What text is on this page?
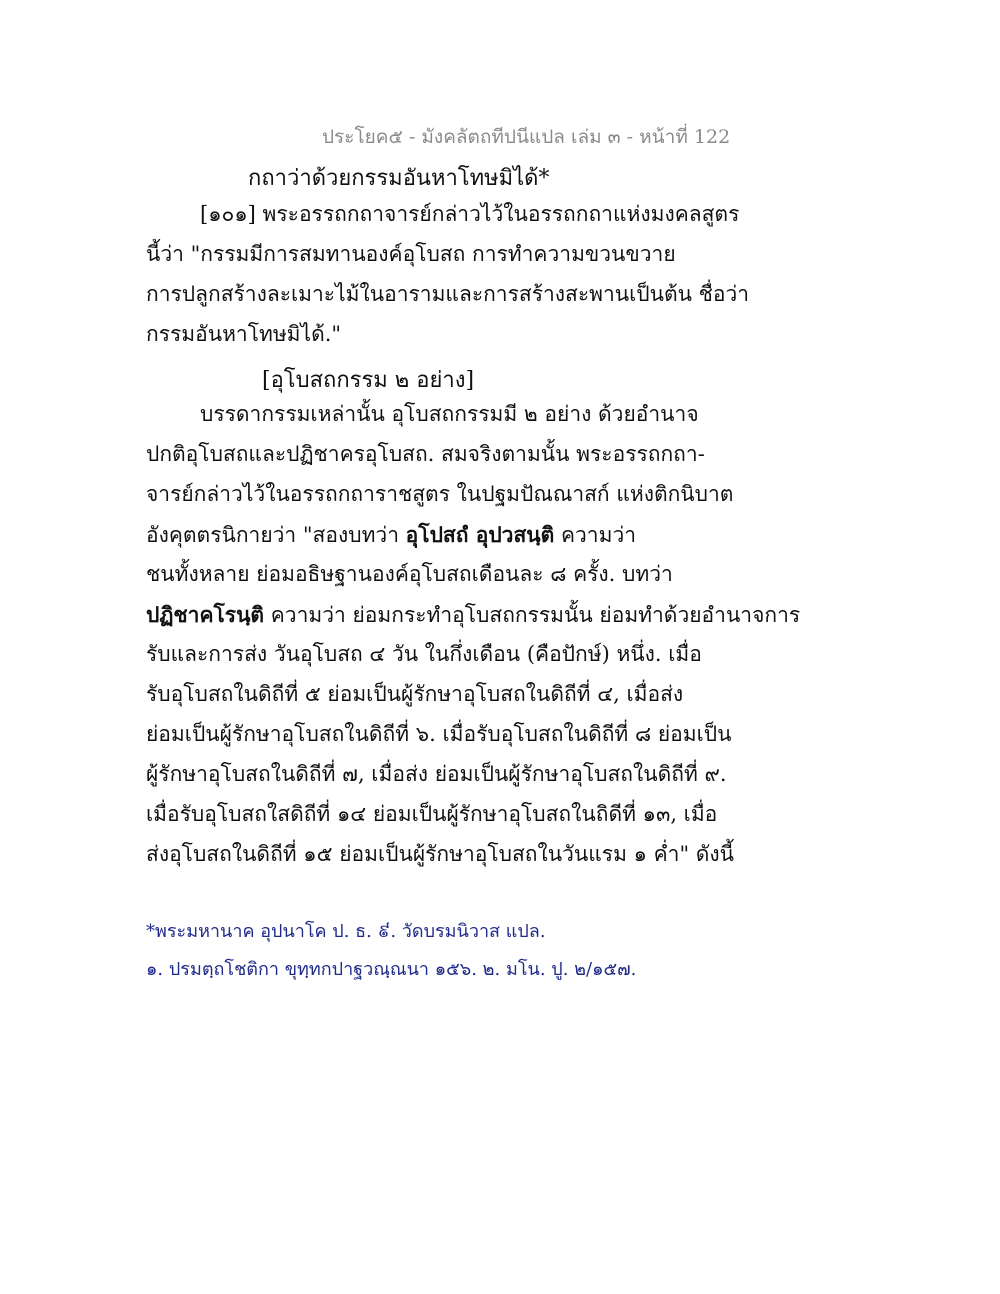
ประโยค๕ - มังคลัตถทีปนีแปล เล่ม ๓ - หน้าที่ 122
กถาว่าด้วยกรรมอันหาโทษมิได้*
[๑๐๑] พระอรรถกถาจารย์กล่าวไว้ในอรรถกถาแห่งมงคลสูตร
นี้ว่า "กรรมมีการสมทานองค์อุโบสถ การทำความขวนขวาย
การปลูกสร้างละเมาะไม้ในอารามและการสร้างสะพานเป็นต้น ชื่อว่า
กรรมอันหาโทษมิได้."
[อุโบสถกรรม ๒ อย่าง]
บรรดากรรมเหล่านั้น อุโบสถกรรมมี ๒ อย่าง ด้วยอำนาจ
ปกติอุโบสถและปฏิชาครอุโบสถ. สมจริงตามนั้น พระอรรถกถา-
จารย์กล่าวไว้ในอรรถกถาราชสูตร ในปฐมปัณณาสก์ แห่งติกนิบาต
อังคุตตรนิกายว่า "สองบทว่า อุโปสถํ อุปวสนฺติ ความว่า
ชนทั้งหลาย ย่อมอธิษฐานองค์อุโบสถเดือนละ ๘ ครั้ง. บทว่า
ปฏิชาคโรนฺติ ความว่า ย่อมกระทำอุโบสถกรรมนั้น ย่อมทำด้วยอำนาจการ
รับและการส่ง วันอุโบสถ ๔ วัน ในกึ่งเดือน (คือปักษ์) หนึ่ง. เมื่อ
รับอุโบสถในดิถีที่ ๕ ย่อมเป็นผู้รักษาอุโบสถในดิถีที่ ๔, เมื่อส่ง
ย่อมเป็นผู้รักษาอุโบสถในดิถีที่ ๖. เมื่อรับอุโบสถในดิถีที่ ๘ ย่อมเป็น
ผู้รักษาอุโบสถในดิถีที่ ๗, เมื่อส่ง ย่อมเป็นผู้รักษาอุโบสถในดิถีที่ ๙.
เมื่อรับอุโบสถใสดิถีที่ ๑๔ ย่อมเป็นผู้รักษาอุโบสถในถิดีที่ ๑๓, เมื่อ
ส่งอุโบสถในดิถีที่ ๑๕ ย่อมเป็นผู้รักษาอุโบสถในวันแรม ๑ ค่ำ" ดังนี้
*พระมหานาค อุปนาโค ป. ธ. ៩. วัดบรมนิวาส แปล.
๑. ปรมตฺถโชติกา ขุทฺทกปาฐวณฺณนา ๑๕๖. ๒. มโน. ปู. ๒/๑๕๗.
